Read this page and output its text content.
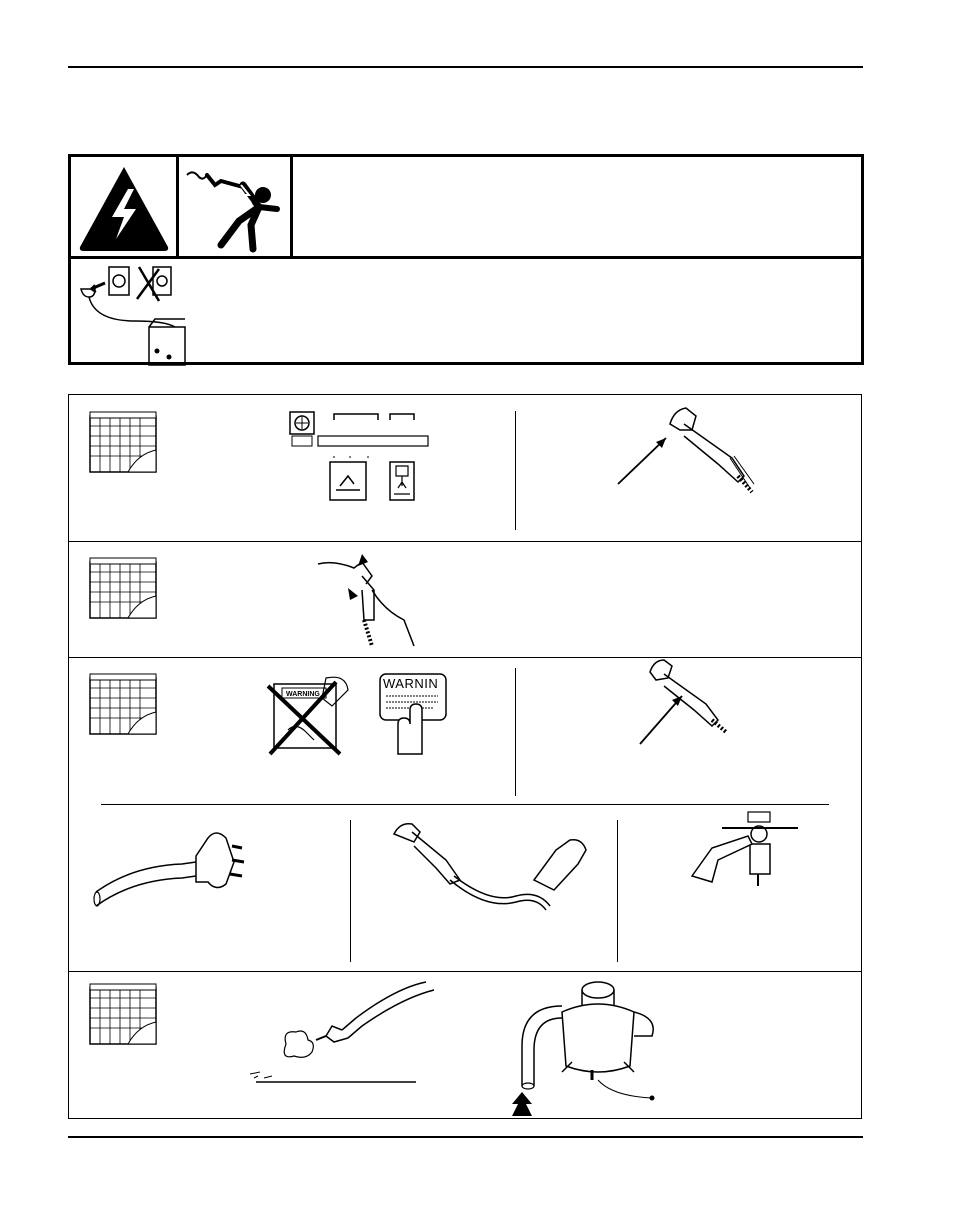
WARNING
WARNIN
